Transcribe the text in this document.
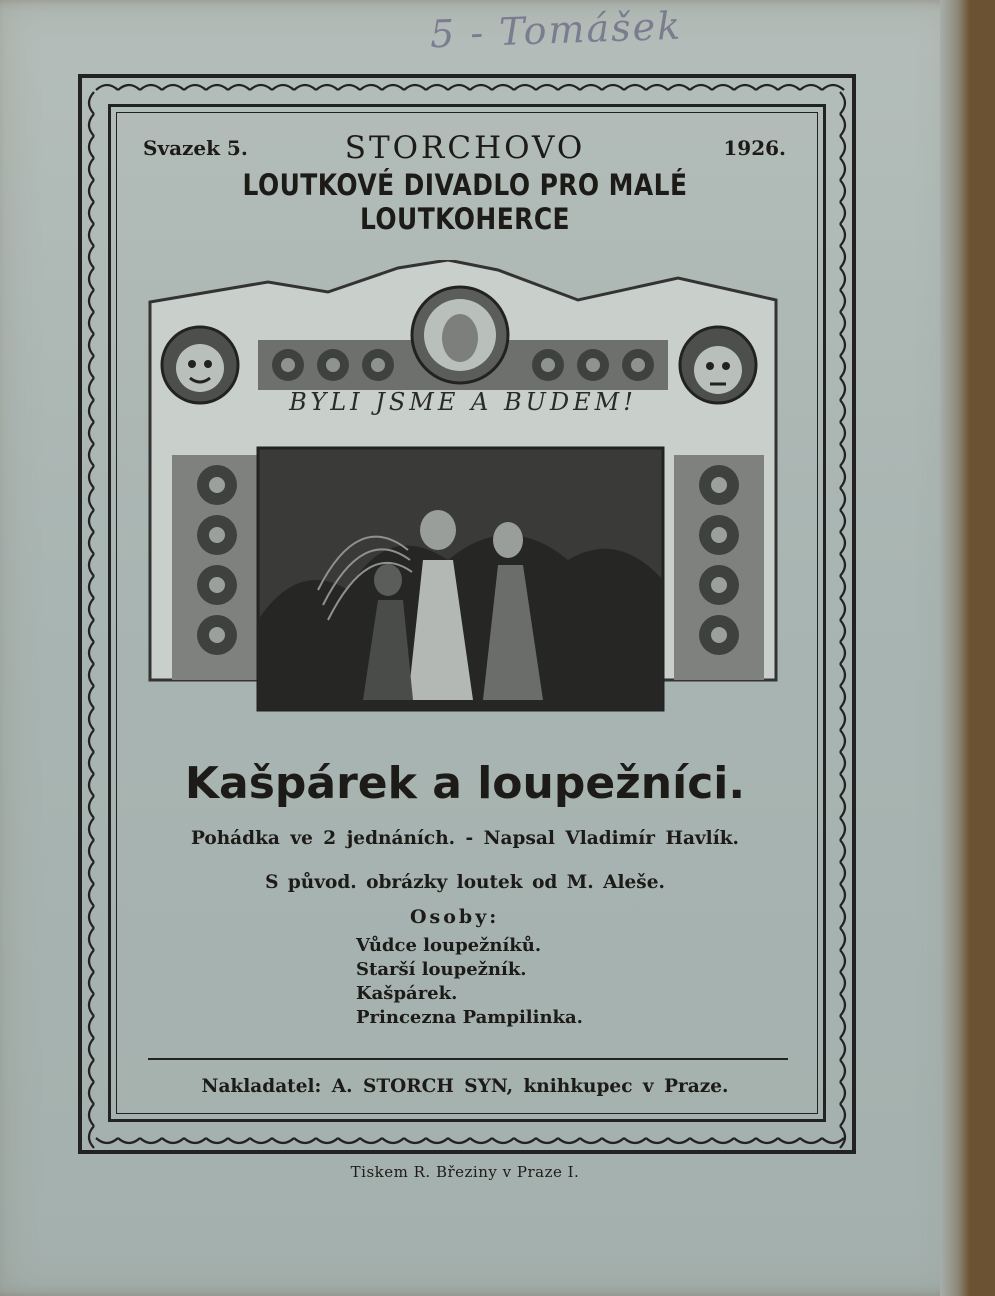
5 - Tomášek
Svazek 5.	STORCHOVO	1926.
LOUTKOVÉ DIVADLO PRO MALÉ LOUTKOHERCE
BYLI JSME A BUDEM!
Kašpárek a loupežníci.
Pohádka ve 2 jednáních. - Napsal Vladimír Havlík.
S původ. obrázky loutek od M. Aleše.
Osoby:
Vůdce loupežníků.
Starší loupežník.
Kašpárek.
Princezna Pampilinka.
Nakladatel: A. STORCH SYN, knihkupec v Praze.
Tiskem R. Březiny v Praze I.
